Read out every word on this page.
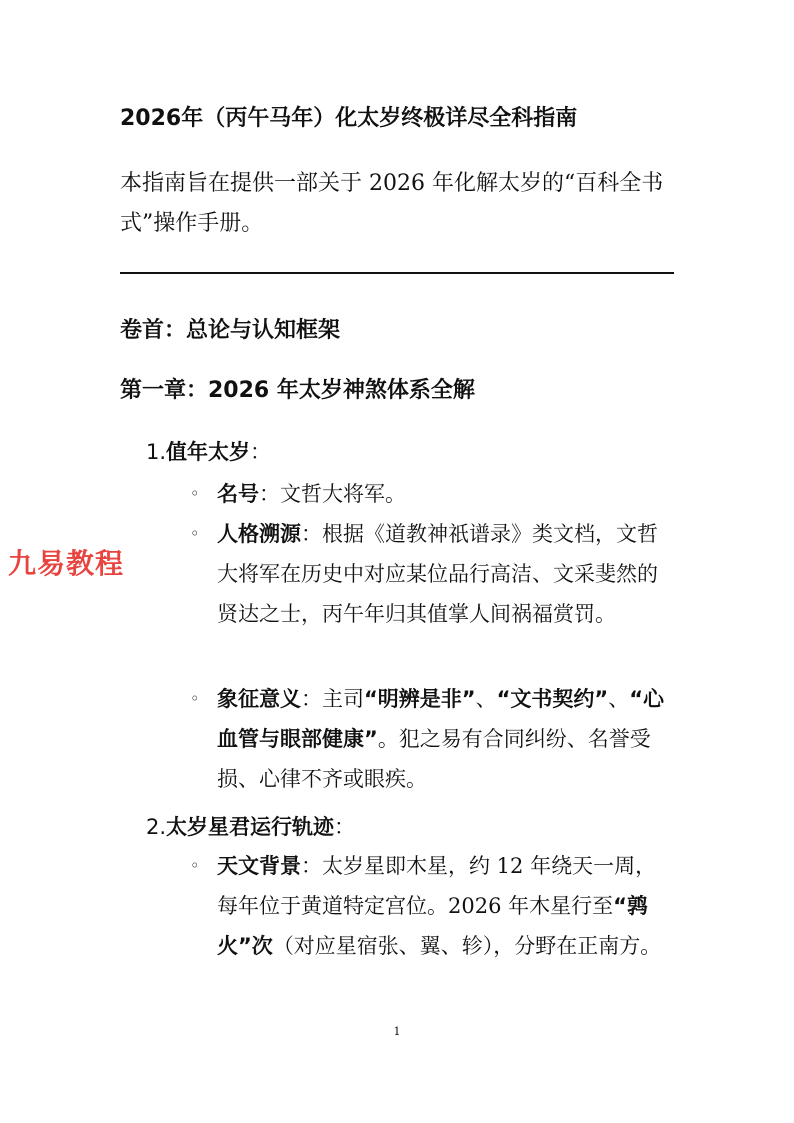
2026年（丙午马年）化太岁终极详尽全科指南
本指南旨在提供一部关于 2026 年化解太岁的“百科全书式”操作手册。
卷首：总论与认知框架
第一章：2026 年太岁神煞体系全解
1.值年太岁：
◦ 名号：文哲大将军。
◦ 人格溯源：根据《道教神祇谱录》类文档，文哲大将军在历史中对应某位品行高洁、文采斐然的贤达之士，丙午年归其值掌人间祸福赏罚。
◦ 象征意义：主司“明辨是非”、“文书契约”、“心血管与眼部健康”。犯之易有合同纠纷、名誉受损、心律不齐或眼疾。
2.太岁星君运行轨迹：
◦ 天文背景：太岁星即木星，约 12 年绕天一周，每年位于黄道特定宫位。2026 年木星行至“鹑火”次（对应星宿张、翼、轸），分野在正南方。
九易教程
1
